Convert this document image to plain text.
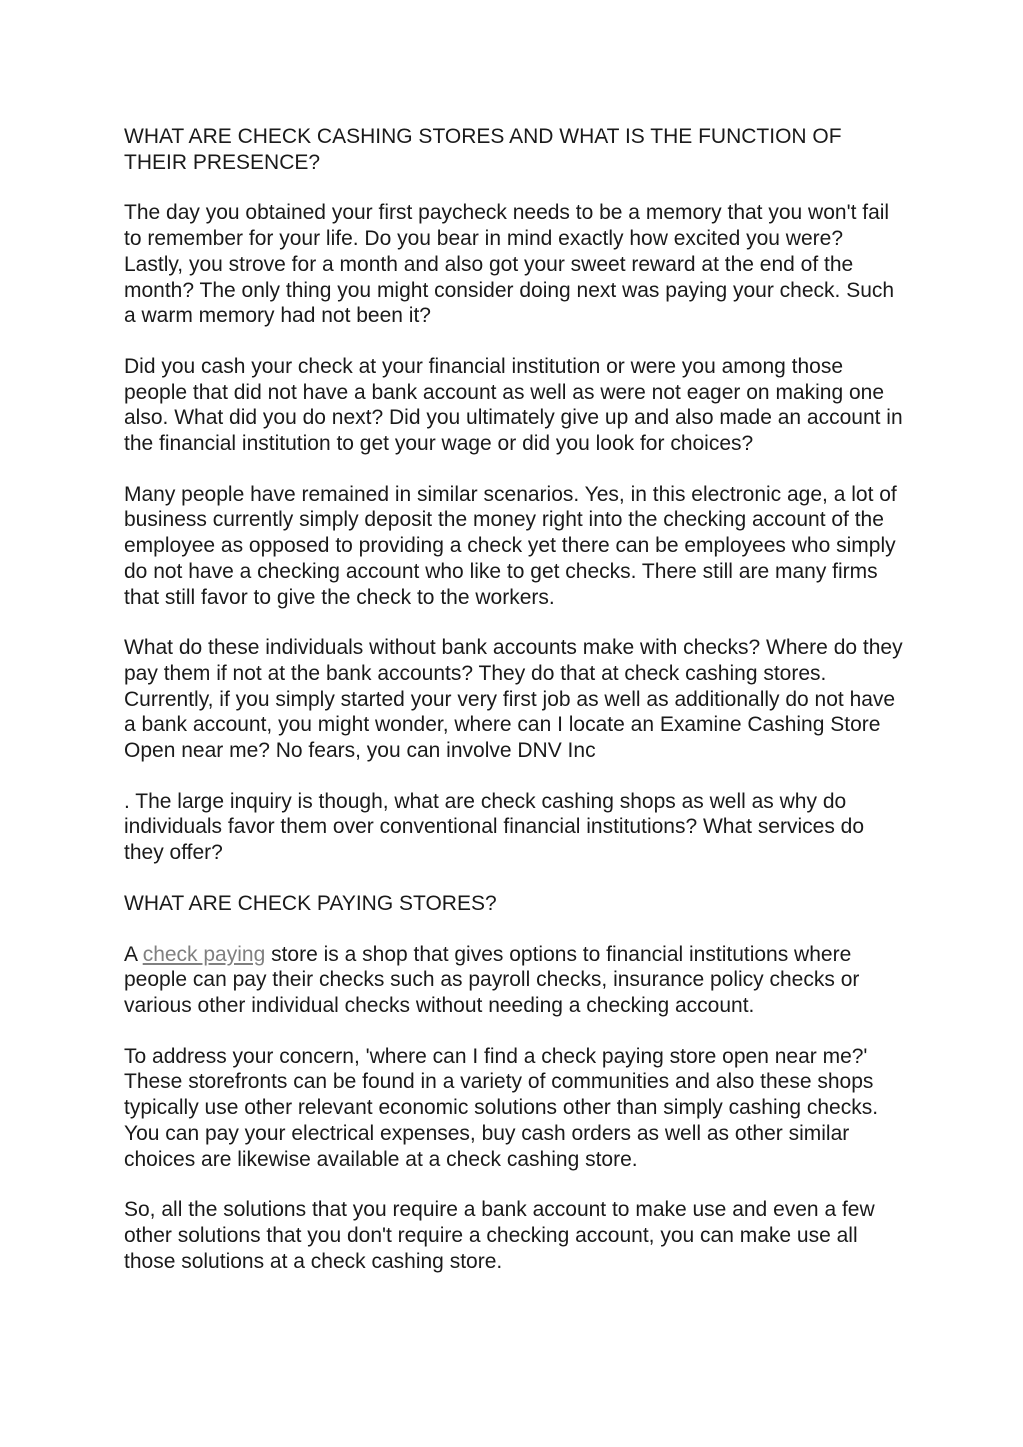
WHAT ARE CHECK CASHING STORES AND WHAT IS THE FUNCTION OF THEIR PRESENCE?

The day you obtained your first paycheck needs to be a memory that you won't fail to remember for your life. Do you bear in mind exactly how excited you were? Lastly, you strove for a month and also got your sweet reward at the end of the month? The only thing you might consider doing next was paying your check. Such a warm memory had not been it?

Did you cash your check at your financial institution or were you among those people that did not have a bank account as well as were not eager on making one also. What did you do next? Did you ultimately give up and also made an account in the financial institution to get your wage or did you look for choices?

Many people have remained in similar scenarios. Yes, in this electronic age, a lot of business currently simply deposit the money right into the checking account of the employee as opposed to providing a check yet there can be employees who simply do not have a checking account who like to get checks. There still are many firms that still favor to give the check to the workers.

What do these individuals without bank accounts make with checks? Where do they pay them if not at the bank accounts? They do that at check cashing stores. Currently, if you simply started your very first job as well as additionally do not have a bank account, you might wonder, where can I locate an Examine Cashing Store Open near me? No fears, you can involve DNV Inc

. The large inquiry is though, what are check cashing shops as well as why do individuals favor them over conventional financial institutions? What services do they offer?

WHAT ARE CHECK PAYING STORES?

A check paying store is a shop that gives options to financial institutions where people can pay their checks such as payroll checks, insurance policy checks or various other individual checks without needing a checking account.

To address your concern, 'where can I find a check paying store open near me?' These storefronts can be found in a variety of communities and also these shops typically use other relevant economic solutions other than simply cashing checks. You can pay your electrical expenses, buy cash orders as well as other similar choices are likewise available at a check cashing store.

So, all the solutions that you require a bank account to make use and even a few other solutions that you don't require a checking account, you can make use all those solutions at a check cashing store.
